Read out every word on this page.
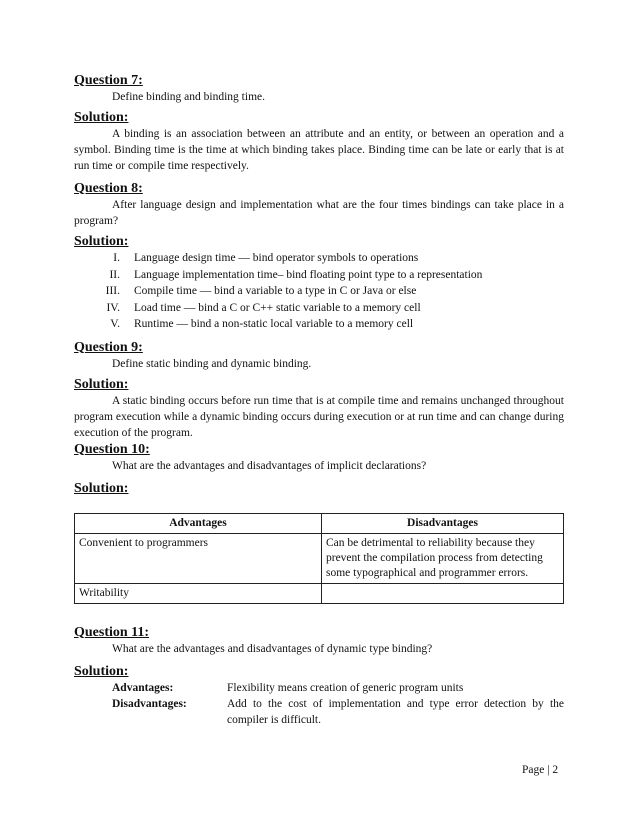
Question 7:

Define binding and binding time.

Solution:

A binding is an association between an attribute and an entity, or between an operation and a symbol. Binding time is the time at which binding takes place. Binding time can be late or early that is at run time or compile time respectively.

Question 8:

After language design and implementation what are the four times bindings can take place in a program?

Solution:

I.	Language design time — bind operator symbols to operations
II.	Language implementation time– bind floating point type to a representation
III.	Compile time — bind a variable to a type in C or Java or else
IV.	Load time — bind a C or C++ static variable to a memory cell
V.	Runtime — bind a non-static local variable to a memory cell

Question 9:

Define static binding and dynamic binding.

Solution:

A static binding occurs before run time that is at compile time and remains unchanged throughout program execution while a dynamic binding occurs during execution or at run time and can change during execution of the program.

Question 10:

What are the advantages and disadvantages of implicit declarations?

Solution:

Advantages	Disadvantages
Convenient to programmers	Can be detrimental to reliability because they prevent the compilation process from detecting some typographical and programmer errors.
Writability	

Question 11:

What are the advantages and disadvantages of dynamic type binding?

Solution:

Advantages:	Flexibility means creation of generic program units
Disadvantages:	Add to the cost of implementation and type error detection by the compiler is difficult.
Page | 2
